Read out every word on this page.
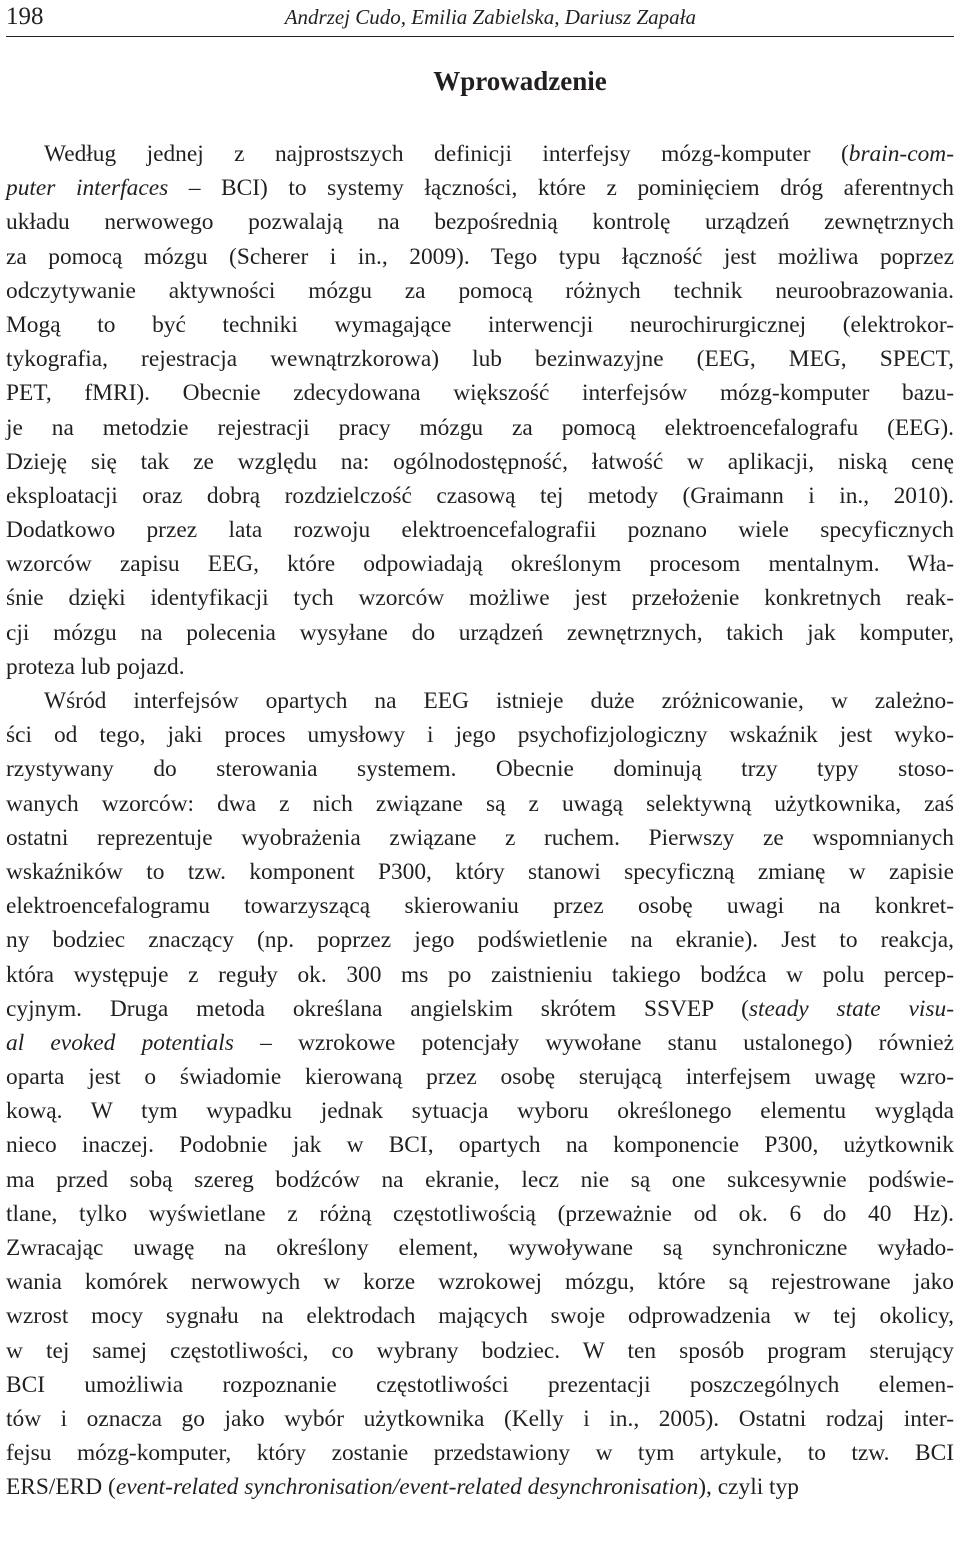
198	Andrzej Cudo, Emilia Zabielska, Dariusz Zapała
Wprowadzenie
Według jednej z najprostszych definicji interfejsy mózg-komputer (brain-com-
puter interfaces – BCI) to systemy łączności, które z pominięciem dróg aferentnych
układu nerwowego pozwalają na bezpośrednią kontrolę urządzeń zewnętrznych
za pomocą mózgu (Scherer i in., 2009). Tego typu łączność jest możliwa poprzez
odczytywanie aktywności mózgu za pomocą różnych technik neuroobrazowania.
Mogą to być techniki wymagające interwencji neurochirurgicznej (elektrokor-
tykografia, rejestracja wewnątrzkorowa) lub bezinwazyjne (EEG, MEG, SPECT,
PET, fMRI). Obecnie zdecydowana większość interfejsów mózg-komputer bazu-
je na metodzie rejestracji pracy mózgu za pomocą elektroencefalografu (EEG).
Dzieję się tak ze względu na: ogólnodostępność, łatwość w aplikacji, niską cenę
eksploatacji oraz dobrą rozdzielczość czasową tej metody (Graimann i in., 2010).
Dodatkowo przez lata rozwoju elektroencefalografii poznano wiele specyficznych
wzorców zapisu EEG, które odpowiadają określonym procesom mentalnym. Wła-
śnie dzięki identyfikacji tych wzorców możliwe jest przełożenie konkretnych reak-
cji mózgu na polecenia wysyłane do urządzeń zewnętrznych, takich jak komputer,
proteza lub pojazd.
Wśród interfejsów opartych na EEG istnieje duże zróżnicowanie, w zależno-
ści od tego, jaki proces umysłowy i jego psychofizjologiczny wskaźnik jest wyko-
rzystywany do sterowania systemem. Obecnie dominują trzy typy stoso-
wanych wzorców: dwa z nich związane są z uwagą selektywną użytkownika, zaś
ostatni reprezentuje wyobrażenia związane z ruchem. Pierwszy ze wspomnianych
wskaźników to tzw. komponent P300, który stanowi specyficzną zmianę w zapisie
elektroencefalogramu towarzyszącą skierowaniu przez osobę uwagi na konkret-
ny bodziec znaczący (np. poprzez jego podświetlenie na ekranie). Jest to reakcja,
która występuje z reguły ok. 300 ms po zaistnieniu takiego bodźca w polu percep-
cyjnym. Druga metoda określana angielskim skrótem SSVEP (steady state visu-
al evoked potentials – wzrokowe potencjały wywołane stanu ustalonego) również
oparta jest o świadomie kierowaną przez osobę sterującą interfejsem uwagę wzro-
kową. W tym wypadku jednak sytuacja wyboru określonego elementu wygląda
nieco inaczej. Podobnie jak w BCI, opartych na komponencie P300, użytkownik
ma przed sobą szereg bodźców na ekranie, lecz nie są one sukcesywnie podświe-
tlane, tylko wyświetlane z różną częstotliwością (przeważnie od ok. 6 do 40 Hz).
Zwracając uwagę na określony element, wywoływane są synchroniczne wyłado-
wania komórek nerwowych w korze wzrokowej mózgu, które są rejestrowane jako
wzrost mocy sygnału na elektrodach mających swoje odprowadzenia w tej okolicy,
w tej samej częstotliwości, co wybrany bodziec. W ten sposób program sterujący
BCI umożliwia rozpoznanie częstotliwości prezentacji poszczególnych elemen-
tów i oznacza go jako wybór użytkownika (Kelly i in., 2005). Ostatni rodzaj inter-
fejsu mózg-komputer, który zostanie przedstawiony w tym artykule, to tzw. BCI
ERS/ERD (event-related synchronisation/event-related desynchronisation), czyli typ
